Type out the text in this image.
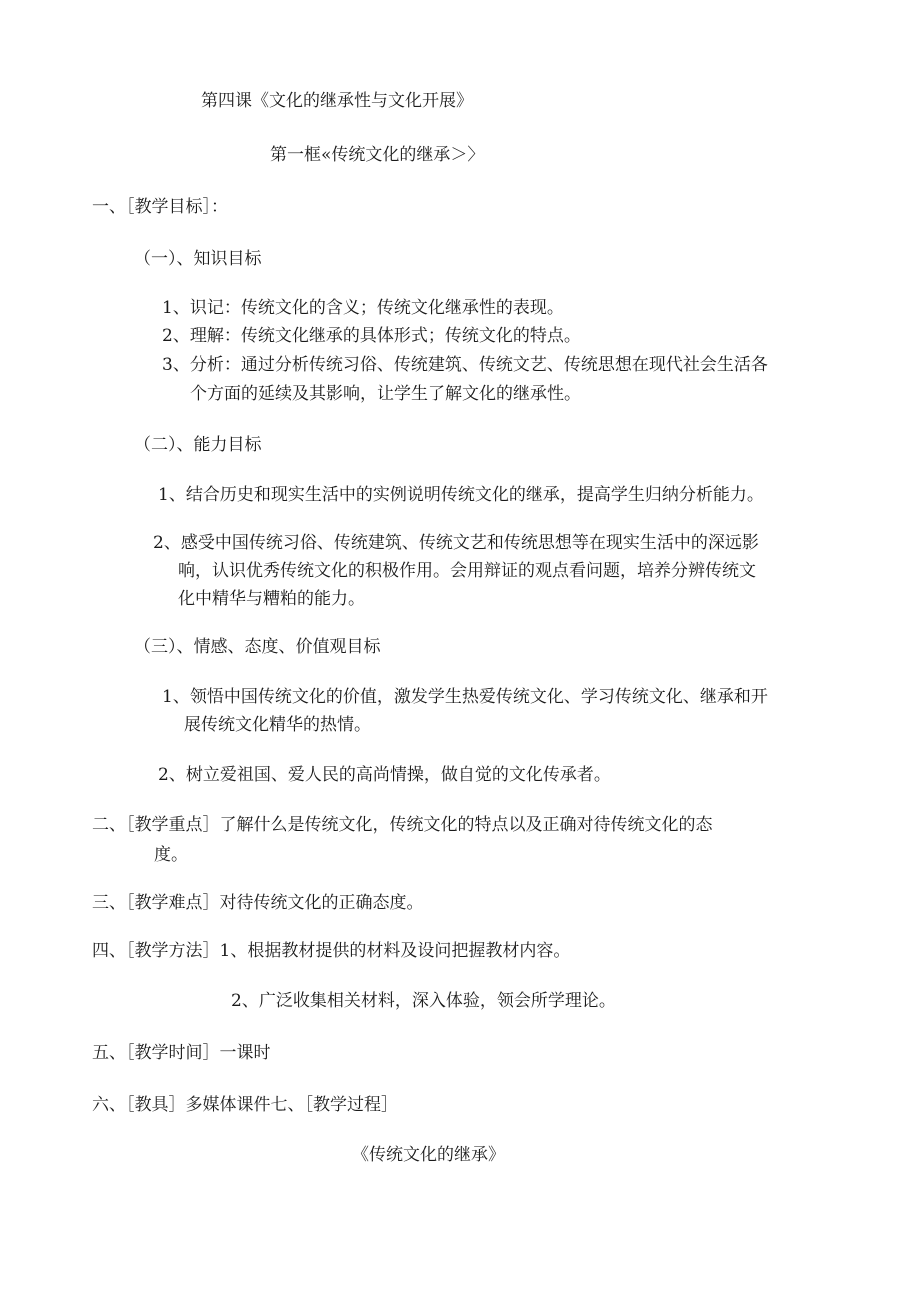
第四课《文化的继承性与文化开展》
第一框«传统文化的继承＞〉
一、［教学目标］：
（一）、知识目标
1、识记：传统文化的含义；传统文化继承性的表现。
2、理解：传统文化继承的具体形式；传统文化的特点。
3、分析：通过分析传统习俗、传统建筑、传统文艺、传统思想在现代社会生活各
个方面的延续及其影响，让学生了解文化的继承性。
（二）、能力目标
1、结合历史和现实生活中的实例说明传统文化的继承，提高学生归纳分析能力。
2、感受中国传统习俗、传统建筑、传统文艺和传统思想等在现实生活中的深远影
响，认识优秀传统文化的积极作用。会用辩证的观点看问题，培养分辨传统文
化中精华与糟粕的能力。
（三）、情感、态度、价值观目标
1、领悟中国传统文化的价值，激发学生热爱传统文化、学习传统文化、继承和开
展传统文化精华的热情。
2、树立爱祖国、爱人民的高尚情操，做自觉的文化传承者。
二、［教学重点］了解什么是传统文化，传统文化的特点以及正确对待传统文化的态
度。
三、［教学难点］对待传统文化的正确态度。
四、［教学方法］1、根据教材提供的材料及设问把握教材内容。
2、广泛收集相关材料，深入体验，领会所学理论。
五、［教学时间］一课时
六、［教具］多媒体课件七、［教学过程］
《传统文化的继承》
